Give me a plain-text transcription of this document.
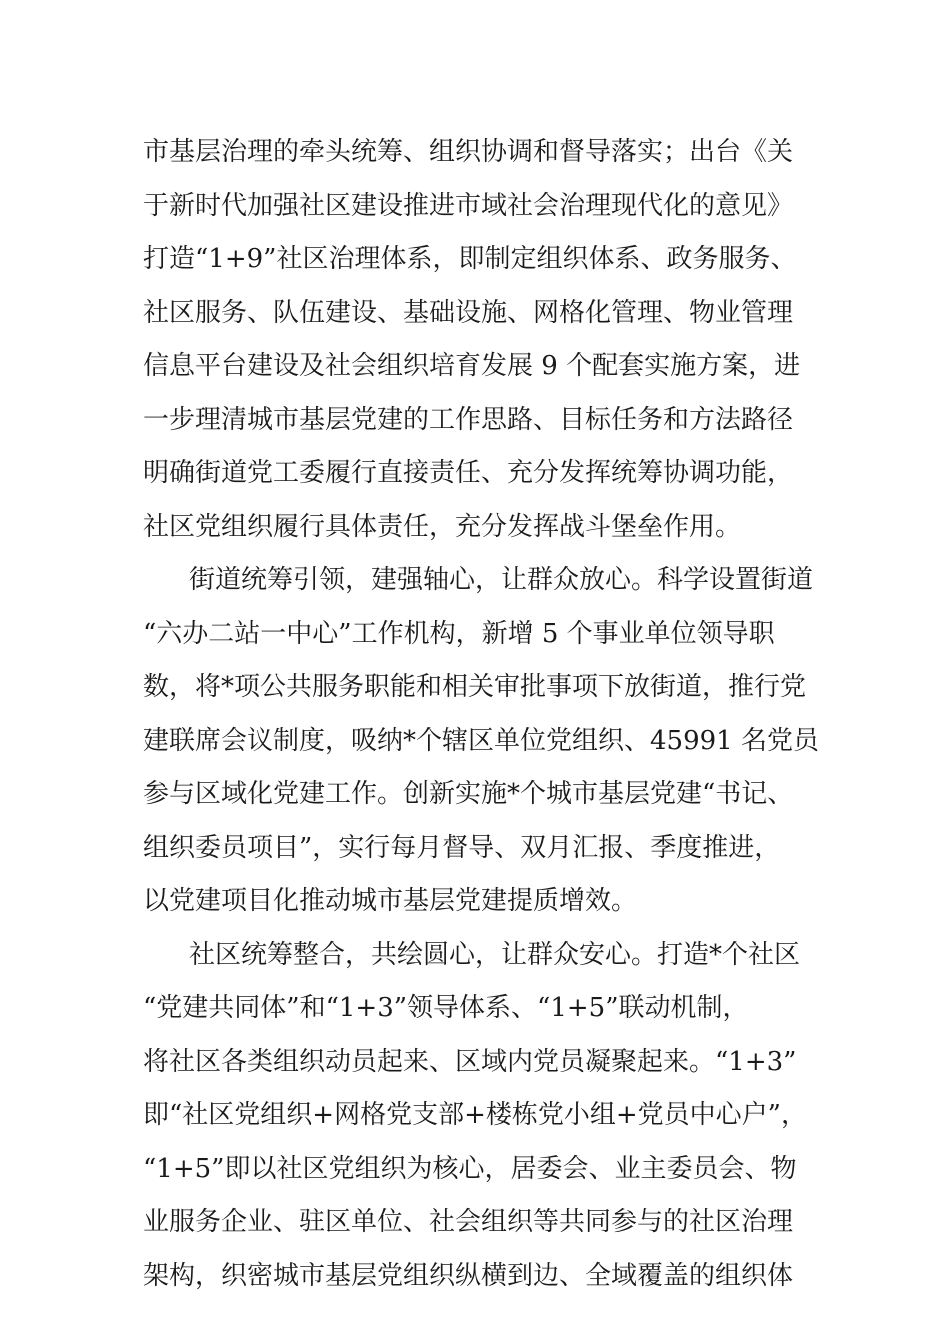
市基层治理的牵头统筹、组织协调和督导落实；出台《关
于新时代加强社区建设推进市域社会治理现代化的意见》
打造“1+9”社区治理体系，即制定组织体系、政务服务、
社区服务、队伍建设、基础设施、网格化管理、物业管理
信息平台建设及社会组织培育发展 9 个配套实施方案，进
一步理清城市基层党建的工作思路、目标任务和方法路径
明确街道党工委履行直接责任、充分发挥统筹协调功能，
社区党组织履行具体责任，充分发挥战斗堡垒作用。
街道统筹引领，建强轴心，让群众放心。科学设置街道
“六办二站一中心”工作机构，新增 5 个事业单位领导职
数，将*项公共服务职能和相关审批事项下放街道，推行党
建联席会议制度，吸纳*个辖区单位党组织、45991 名党员
参与区域化党建工作。创新实施*个城市基层党建“书记、
组织委员项目”，实行每月督导、双月汇报、季度推进，
以党建项目化推动城市基层党建提质增效。
社区统筹整合，共绘圆心，让群众安心。打造*个社区
“党建共同体”和“1+3”领导体系、“1+5”联动机制，
将社区各类组织动员起来、区域内党员凝聚起来。“1+3”
即“社区党组织+网格党支部+楼栋党小组+党员中心户”，
“1+5”即以社区党组织为核心，居委会、业主委员会、物
业服务企业、驻区单位、社会组织等共同参与的社区治理
架构，织密城市基层党组织纵横到边、全域覆盖的组织体
